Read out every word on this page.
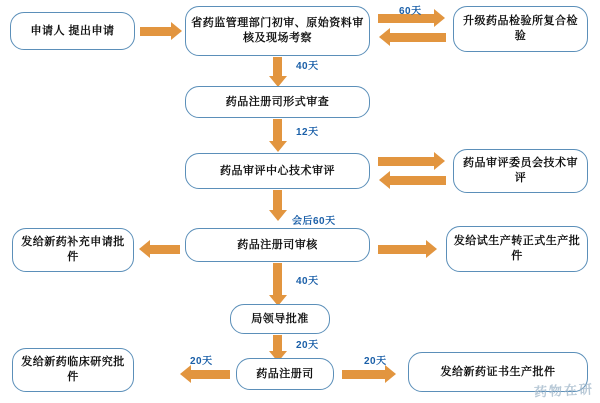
申请人 提出申请
省药监管理部门初审、原始资料审核及现场考察
升级药品检验所复合检验
60天
40天
药品注册司形式审查
12天
药品审评中心技术审评
药品审评委员会技术审评
会后60天
发给新药补充申请批件
药品注册司审核	发给试生产转正式生产批件
40天
局领导批准
20天
发给新药临床研究批件	药品注册司	发给新药证书生产批件
20天	20天
药物在研
